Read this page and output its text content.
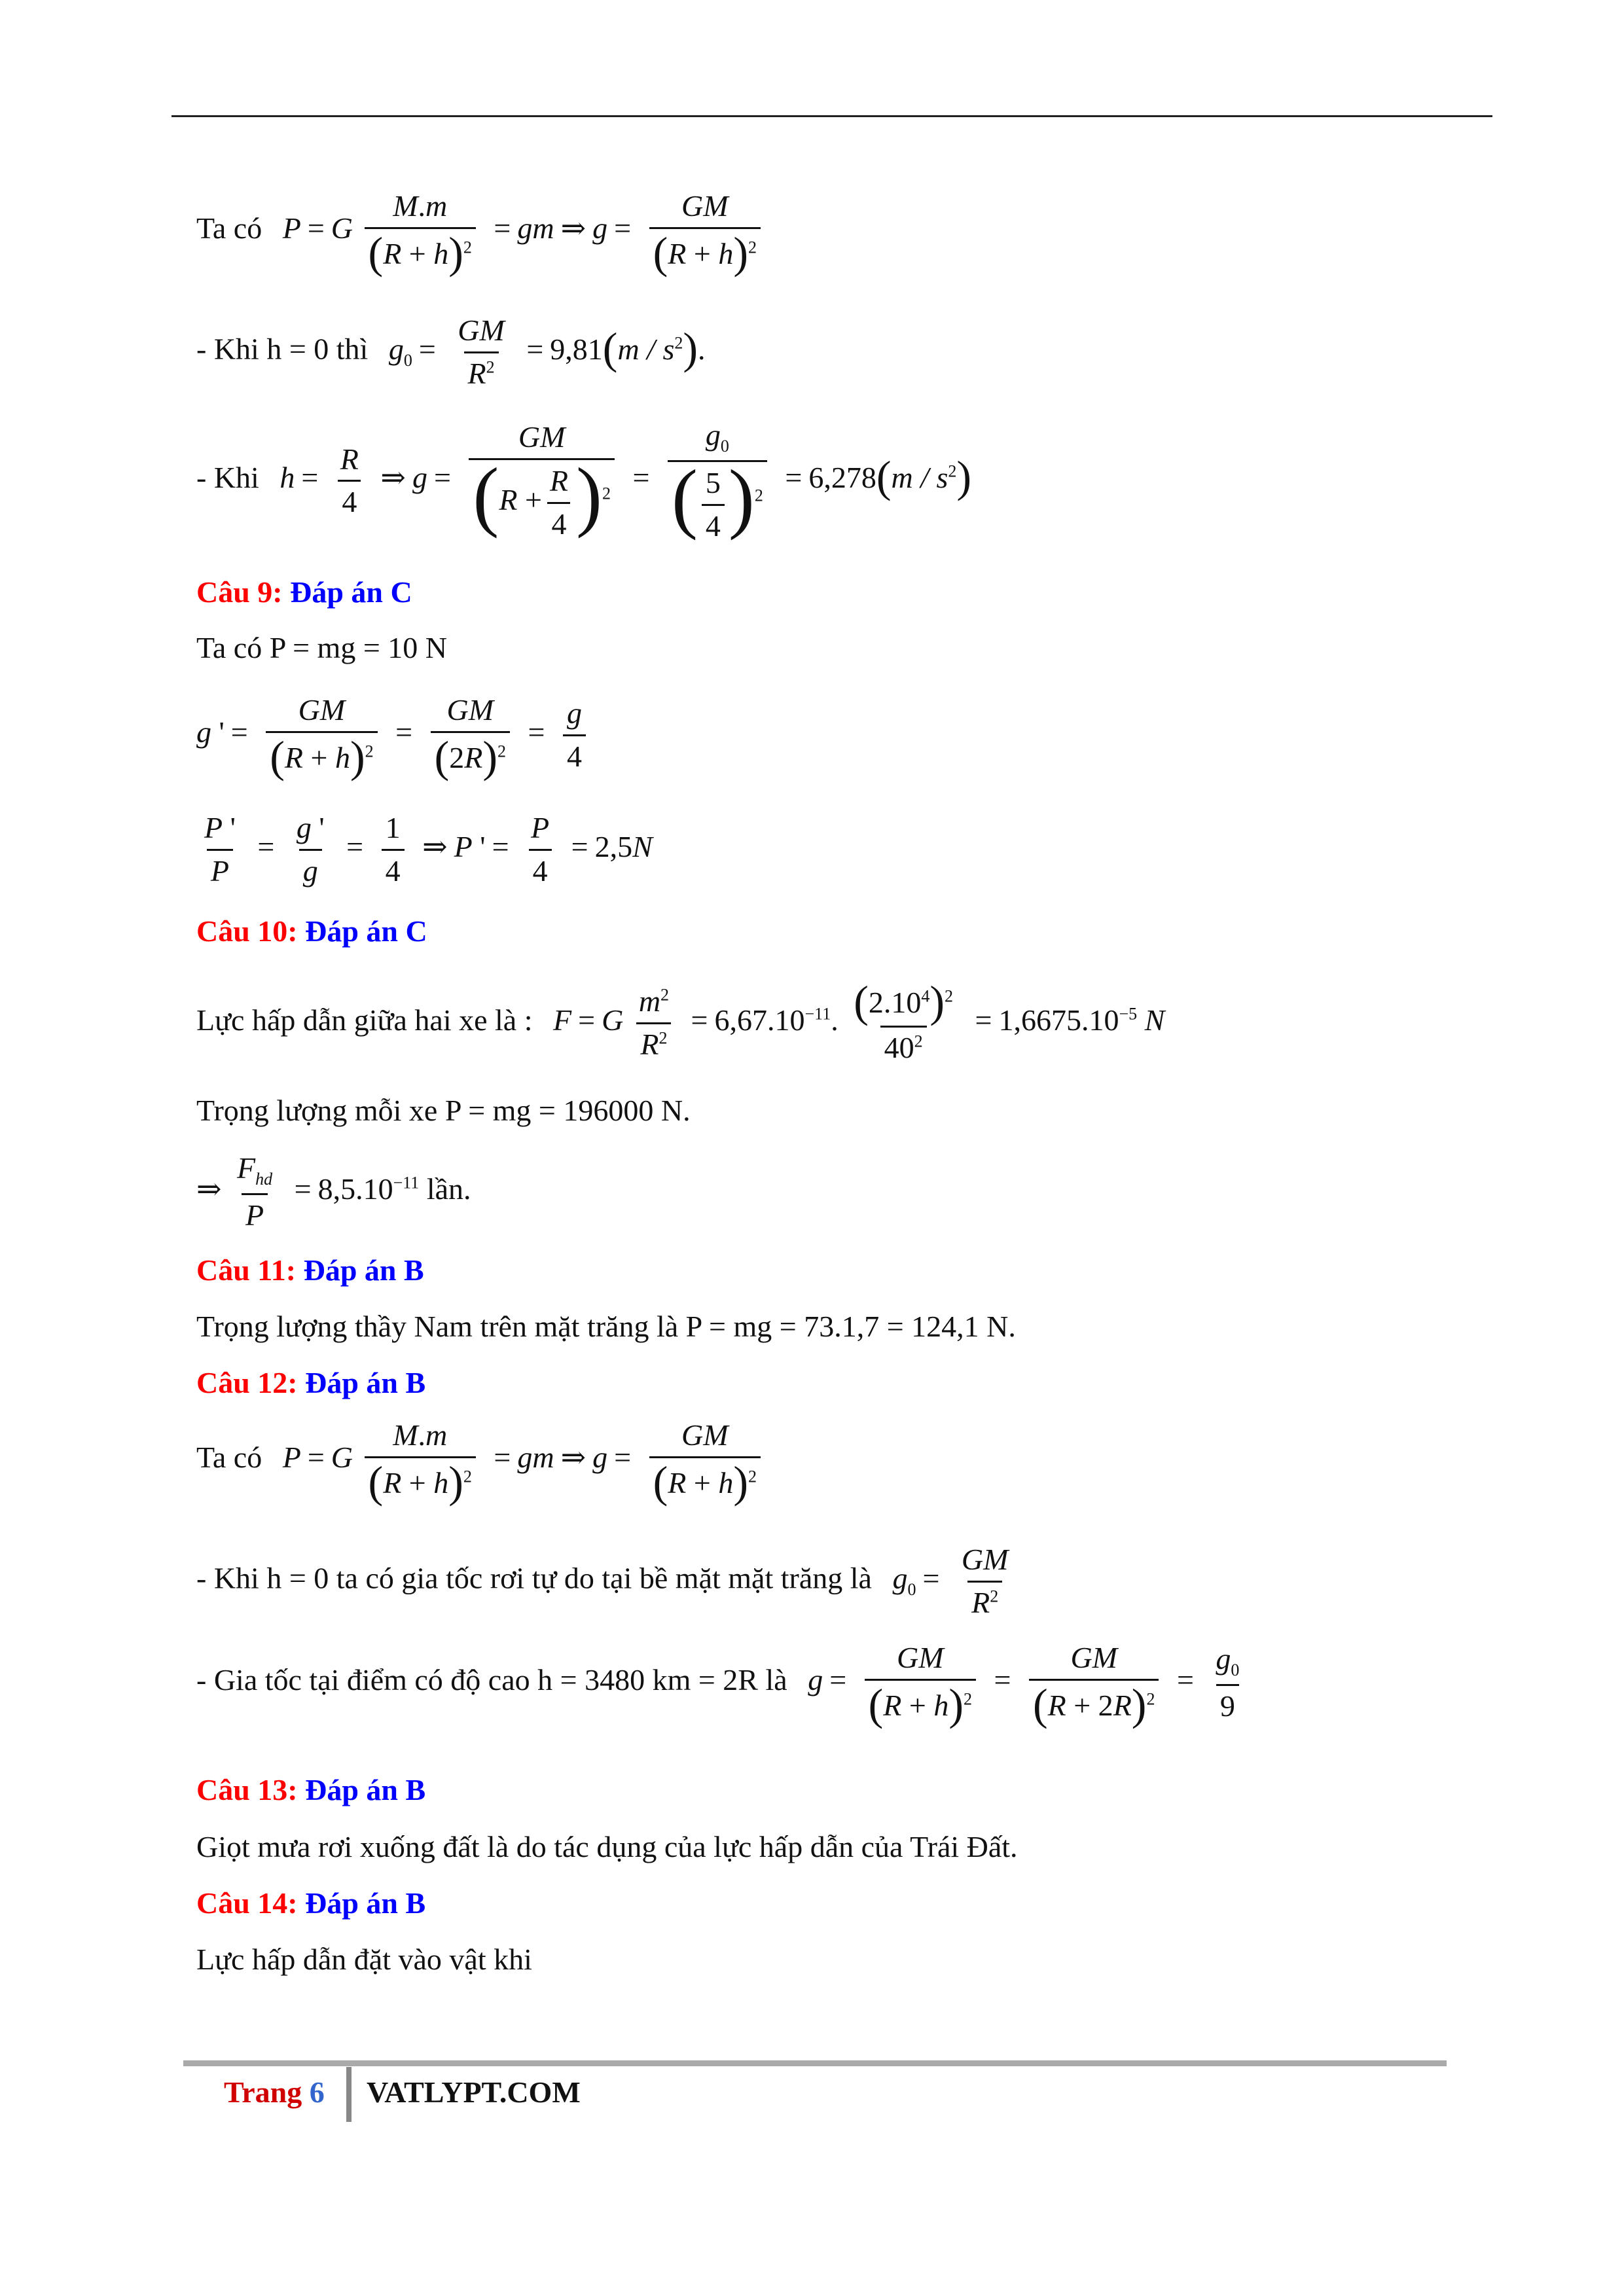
Ta có P = G $\frac{M.m}{(R + h)^2}$ = gm ⇒ $g = \frac{GM}{(R + h)^2}$
- Khi h = 0 thì $g_0 = \frac{GM}{R^2} = 9,81(m / s^2)$.
- Khi $h = \frac{R}{4}$ ⇒ $g = \frac{GM}{(R + \frac{R}{4} )^2} = \frac{g_0}{( \frac{5}{4} )^2} = 6,278(m / s^2)$
Câu 9: Đáp án C
Ta có P = mg = 10 N
g ' = $\frac{GM}{(R + h)^2} = \frac{GM}{(2R)^2} = \frac{g}{4}$
$\frac{P '}{P} = \frac{g '}{g} = \frac{1}{4}$ ⇒ P ' = $\frac{P}{4} = 2,5N$
Câu 10: Đáp án C
Lực hấp dẫn giữa hai xe là : F = G $\frac{m^2}{R^2} = 6,67.10^{-11}$. $\frac{(2.10^4)^2}{40^2} = 1,6675.10^{-5}$ N
Trọng lượng mỗi xe P = mg = 196000 N.
⇒ $\frac{F_{hd}}{P} = 8,5.10^{-11}$ lần.
Câu 11: Đáp án B
Trọng lượng thầy Nam trên mặt trăng là P = mg = 73.1,7 = 124,1 N.
Câu 12: Đáp án B
Ta có P = G $\frac{M.m}{(R + h)^2}$ = gm ⇒ $g = \frac{GM}{(R + h)^2}$
- Khi h = 0 ta có gia tốc rơi tự do tại bề mặt mặt trăng là $g_0 = \frac{GM}{R^2}$
- Gia tốc tại điểm có độ cao h = 3480 km = 2R là $g = \frac{GM}{(R + h)^2} = \frac{GM}{(R + 2R)^2} = \frac{g_0}{9}$
Câu 13: Đáp án B
Giọt mưa rơi xuống đất là do tác dụng của lực hấp dẫn của Trái Đất.
Câu 14: Đáp án B
Lực hấp dẫn đặt vào vật khi
Trang 6 VATLYPT.COM
